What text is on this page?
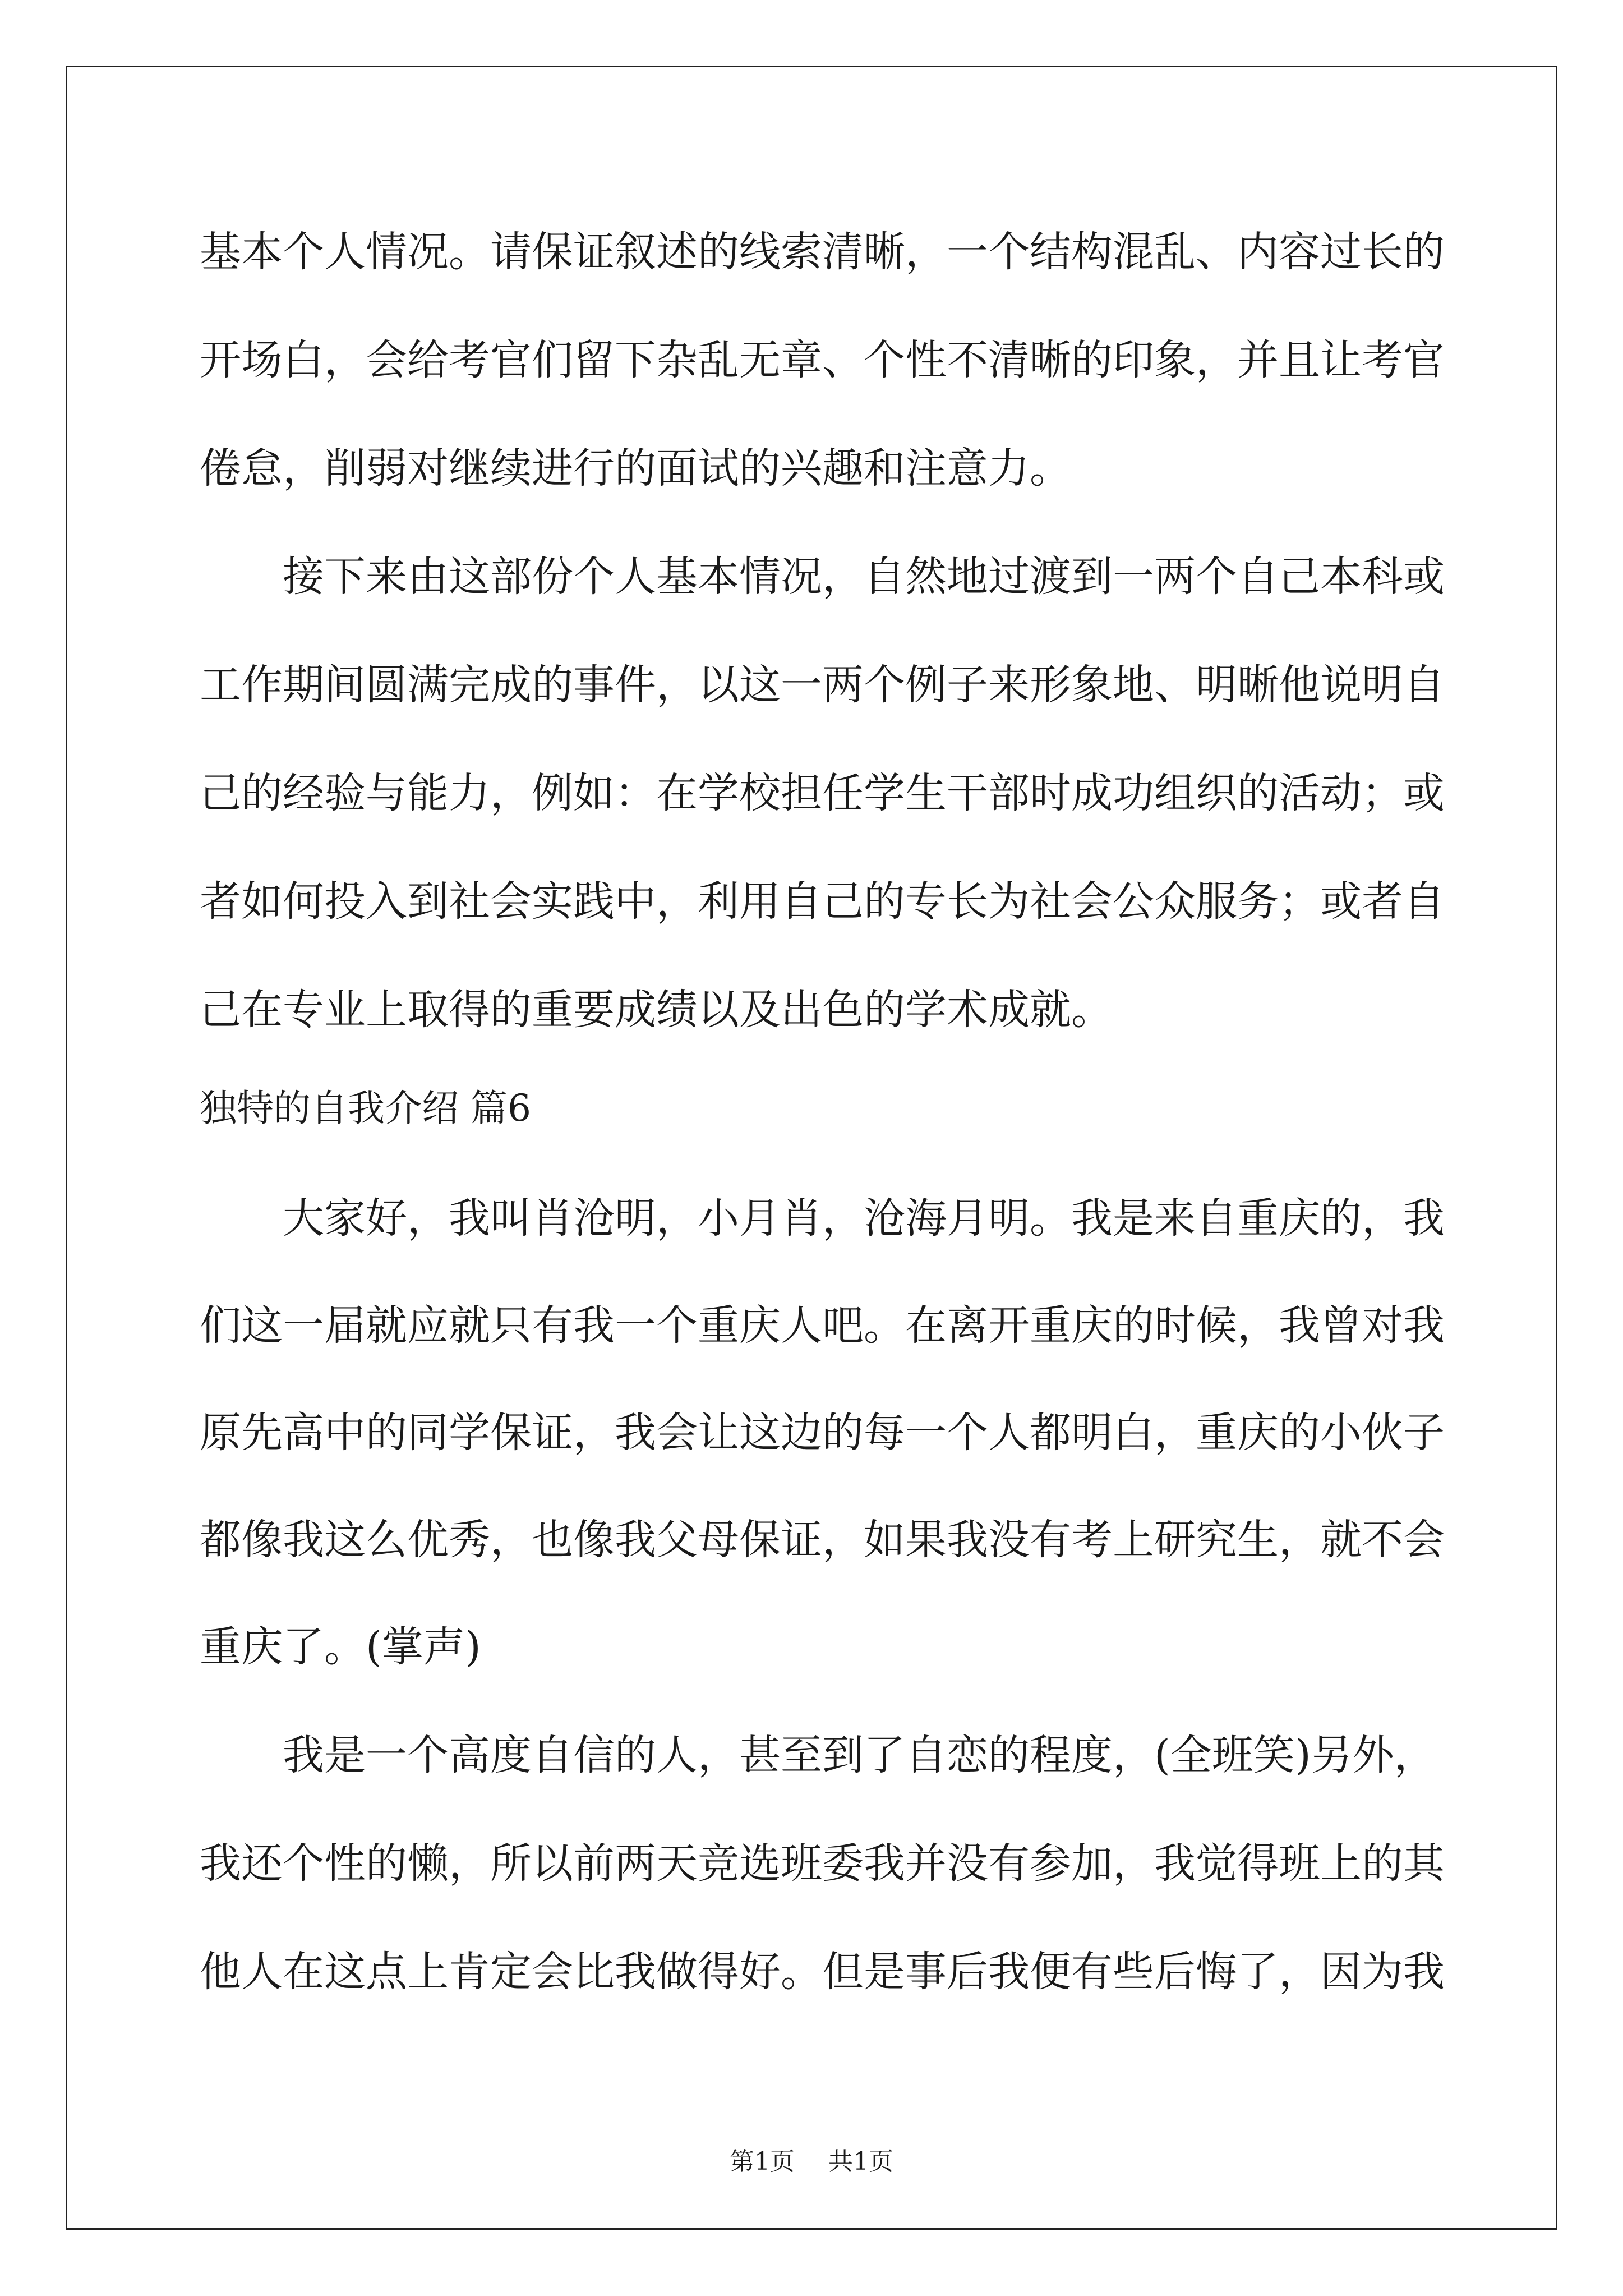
基本个人情况。请保证叙述的线索清晰，一个结构混乱、内容过长的
开场白，会给考官们留下杂乱无章、个性不清晰的印象，并且让考官
倦怠，削弱对继续进行的面试的兴趣和注意力。
接下来由这部份个人基本情况，自然地过渡到一两个自己本科或
工作期间圆满完成的事件，以这一两个例子来形象地、明晰他说明自
己的经验与能力，例如：在学校担任学生干部时成功组织的活动；或
者如何投入到社会实践中，利用自己的专长为社会公众服务；或者自
己在专业上取得的重要成绩以及出色的学术成就。
独特的自我介绍 篇6
大家好，我叫肖沧明，小月肖，沧海月明。我是来自重庆的，我
们这一届就应就只有我一个重庆人吧。在离开重庆的时候，我曾对我
原先高中的同学保证，我会让这边的每一个人都明白，重庆的小伙子
都像我这么优秀，也像我父母保证，如果我没有考上研究生，就不会
重庆了。(掌声)
我是一个高度自信的人，甚至到了自恋的程度，(全班笑)另外，
我还个性的懒，所以前两天竞选班委我并没有参加，我觉得班上的其
他人在这点上肯定会比我做得好。但是事后我便有些后悔了，因为我
第1页 共1页
